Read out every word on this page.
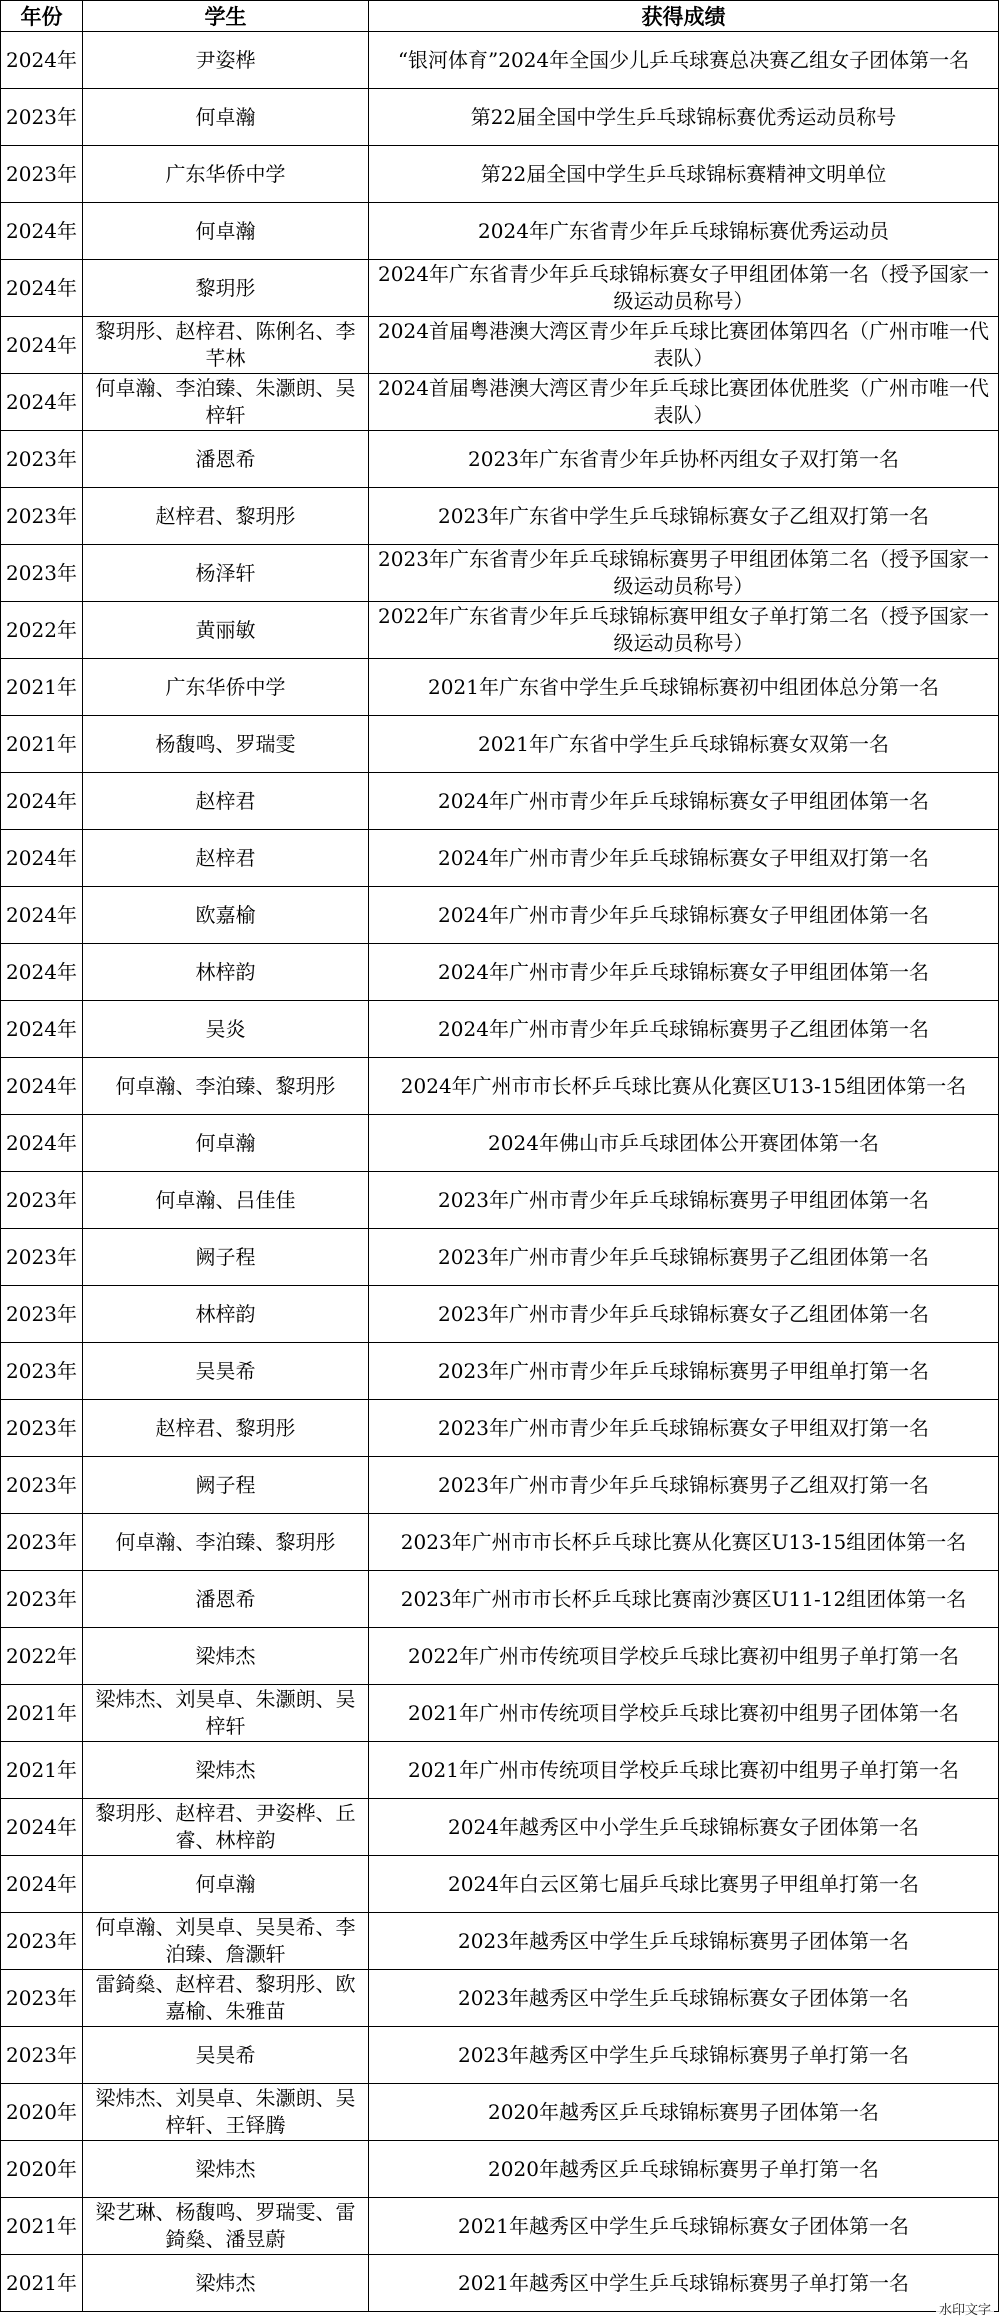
年份	学生	获得成绩
2024年	尹姿桦	“银河体育”2024年全国少儿乒乓球赛总决赛乙组女子团体第一名
2023年	何卓瀚	第22届全国中学生乒乓球锦标赛优秀运动员称号
2023年	广东华侨中学	第22届全国中学生乒乓球锦标赛精神文明单位
2024年	何卓瀚	2024年广东省青少年乒乓球锦标赛优秀运动员
2024年	黎玥彤	2024年广东省青少年乒乓球锦标赛女子甲组团体第一名（授予国家一级运动员称号）
2024年	黎玥彤、赵梓君、陈俐名、李芊林	2024首届粤港澳大湾区青少年乒乓球比赛团体第四名（广州市唯一代表队）
2024年	何卓瀚、李泊臻、朱灏朗、吴梓轩	2024首届粤港澳大湾区青少年乒乓球比赛团体优胜奖（广州市唯一代表队）
2023年	潘恩希	2023年广东省青少年乒协杯丙组女子双打第一名
2023年	赵梓君、黎玥彤	2023年广东省中学生乒乓球锦标赛女子乙组双打第一名
2023年	杨泽轩	2023年广东省青少年乒乓球锦标赛男子甲组团体第二名（授予国家一级运动员称号）
2022年	黄丽敏	2022年广东省青少年乒乓球锦标赛甲组女子单打第二名（授予国家一级运动员称号）
2021年	广东华侨中学	2021年广东省中学生乒乓球锦标赛初中组团体总分第一名
2021年	杨馥鸣、罗瑞雯	2021年广东省中学生乒乓球锦标赛女双第一名
2024年	赵梓君	2024年广州市青少年乒乓球锦标赛女子甲组团体第一名
2024年	赵梓君	2024年广州市青少年乒乓球锦标赛女子甲组双打第一名
2024年	欧嘉榆	2024年广州市青少年乒乓球锦标赛女子甲组团体第一名
2024年	林梓韵	2024年广州市青少年乒乓球锦标赛女子甲组团体第一名
2024年	吴炎	2024年广州市青少年乒乓球锦标赛男子乙组团体第一名
2024年	何卓瀚、李泊臻、黎玥彤	2024年广州市市长杯乒乓球比赛从化赛区U13-15组团体第一名
2024年	何卓瀚	2024年佛山市乒乓球团体公开赛团体第一名
2023年	何卓瀚、吕佳佳	2023年广州市青少年乒乓球锦标赛男子甲组团体第一名
2023年	阙子程	2023年广州市青少年乒乓球锦标赛男子乙组团体第一名
2023年	林梓韵	2023年广州市青少年乒乓球锦标赛女子乙组团体第一名
2023年	吴昊希	2023年广州市青少年乒乓球锦标赛男子甲组单打第一名
2023年	赵梓君、黎玥彤	2023年广州市青少年乒乓球锦标赛女子甲组双打第一名
2023年	阙子程	2023年广州市青少年乒乓球锦标赛男子乙组双打第一名
2023年	何卓瀚、李泊臻、黎玥彤	2023年广州市市长杯乒乓球比赛从化赛区U13-15组团体第一名
2023年	潘恩希	2023年广州市市长杯乒乓球比赛南沙赛区U11-12组团体第一名
2022年	梁炜杰	2022年广州市传统项目学校乒乓球比赛初中组男子单打第一名
2021年	梁炜杰、刘昊卓、朱灏朗、吴梓轩	2021年广州市传统项目学校乒乓球比赛初中组男子团体第一名
2021年	梁炜杰	2021年广州市传统项目学校乒乓球比赛初中组男子单打第一名
2024年	黎玥彤、赵梓君、尹姿桦、丘睿、林梓韵	2024年越秀区中小学生乒乓球锦标赛女子团体第一名
2024年	何卓瀚	2024年白云区第七届乒乓球比赛男子甲组单打第一名
2023年	何卓瀚、刘昊卓、吴昊希、李泊臻、詹灏轩	2023年越秀区中学生乒乓球锦标赛男子团体第一名
2023年	雷錡燊、赵梓君、黎玥彤、欧嘉榆、朱雅苗	2023年越秀区中学生乒乓球锦标赛女子团体第一名
2023年	吴昊希	2023年越秀区中学生乒乓球锦标赛男子单打第一名
2020年	梁炜杰、刘昊卓、朱灏朗、吴梓轩、王铎腾	2020年越秀区乒乓球锦标赛男子团体第一名
2020年	梁炜杰	2020年越秀区乒乓球锦标赛男子单打第一名
2021年	梁艺琳、杨馥鸣、罗瑞雯、雷錡燊、潘昱蔚	2021年越秀区中学生乒乓球锦标赛女子团体第一名
2021年	梁炜杰	2021年越秀区中学生乒乓球锦标赛男子单打第一名
水印文字
